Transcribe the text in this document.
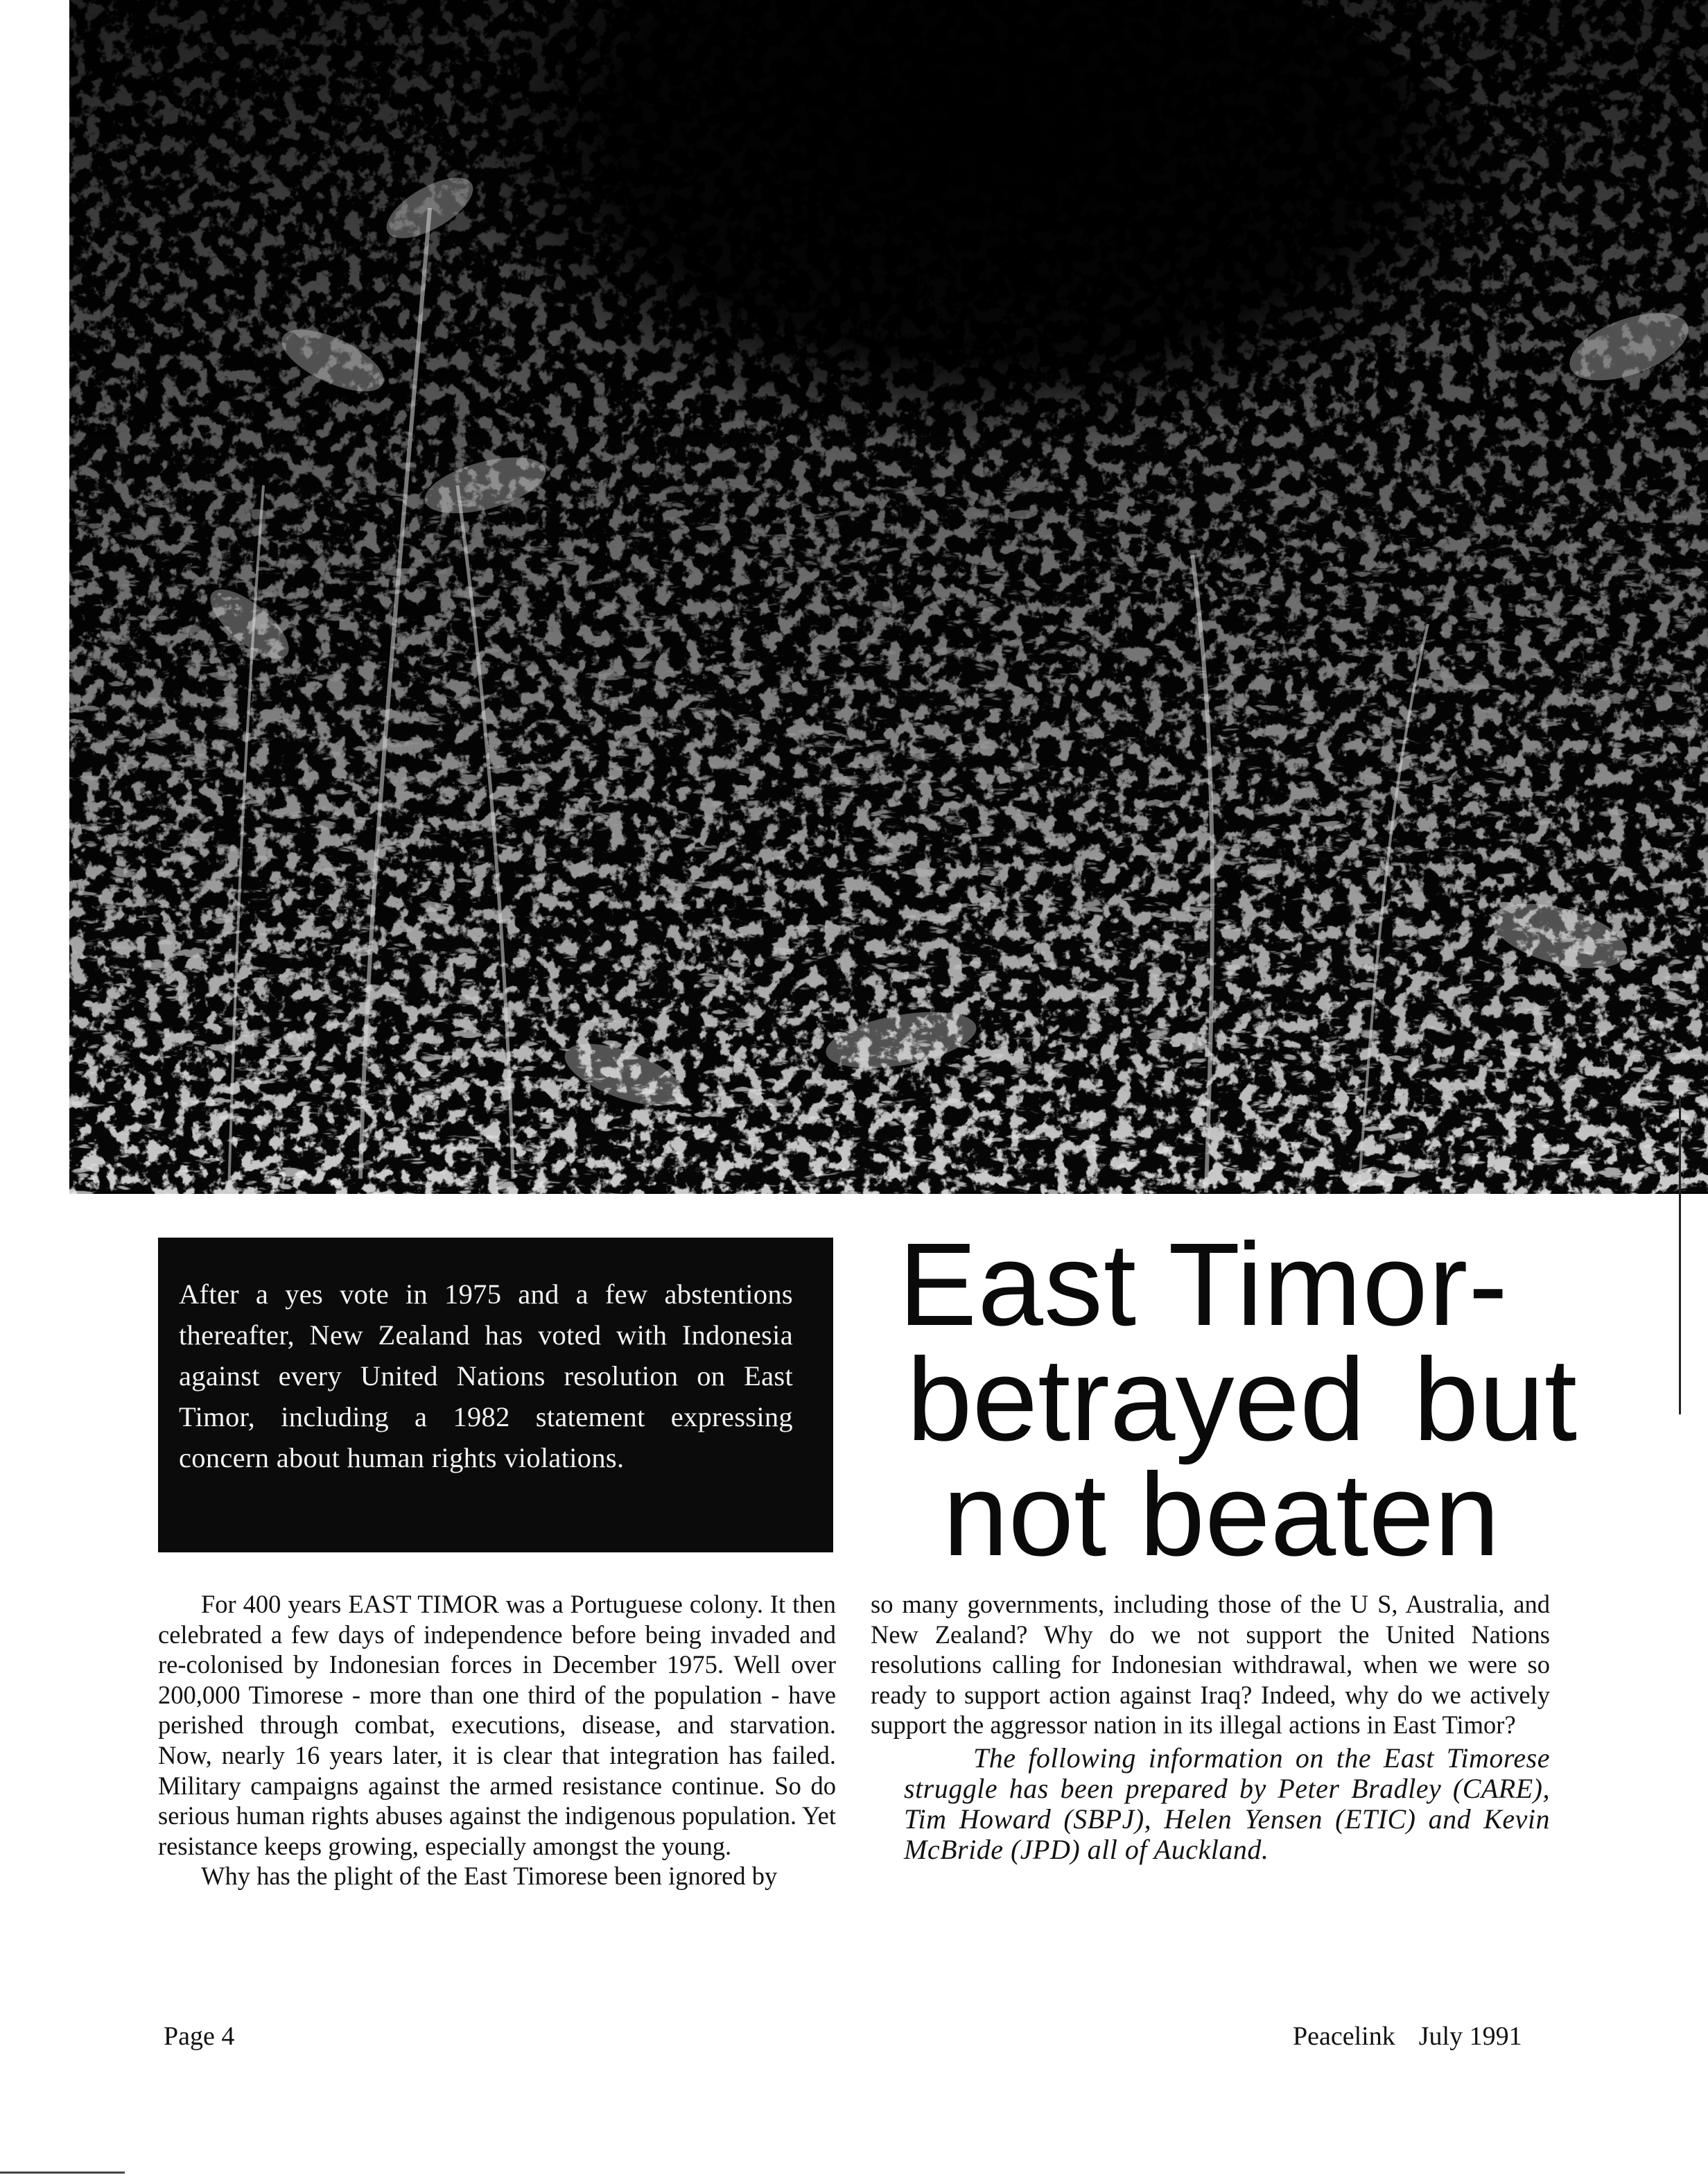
After a yes vote in 1975 and a few abstentions thereafter, New Zealand has voted with Indonesia against every United Nations resolution on East Timor, including a 1982 statement expressing concern about human rights violations.

East Timor-
betrayed but
not beaten

For 400 years EAST TIMOR was a Portuguese colony. It then celebrated a few days of independence before being invaded and re-colonised by Indonesian forces in December 1975. Well over 200,000 Timorese - more than one third of the population - have perished through combat, executions, disease, and starvation. Now, nearly 16 years later, it is clear that integration has failed. Military campaigns against the armed resistance continue. So do serious human rights abuses against the indigenous population. Yet resistance keeps growing, especially amongst the young.

Why has the plight of the East Timorese been ignored by

so many governments, including those of the U S, Australia, and New Zealand? Why do we not support the United Nations resolutions calling for Indonesian withdrawal, when we were so ready to support action against Iraq? Indeed, why do we actively support the aggressor nation in its illegal actions in East Timor?

The following information on the East Timorese struggle has been prepared by Peter Bradley (CARE), Tim Howard (SBPJ), Helen Yensen (ETIC) and Kevin McBride (JPD) all of Auckland.

Page 4	Peacelink July 1991
